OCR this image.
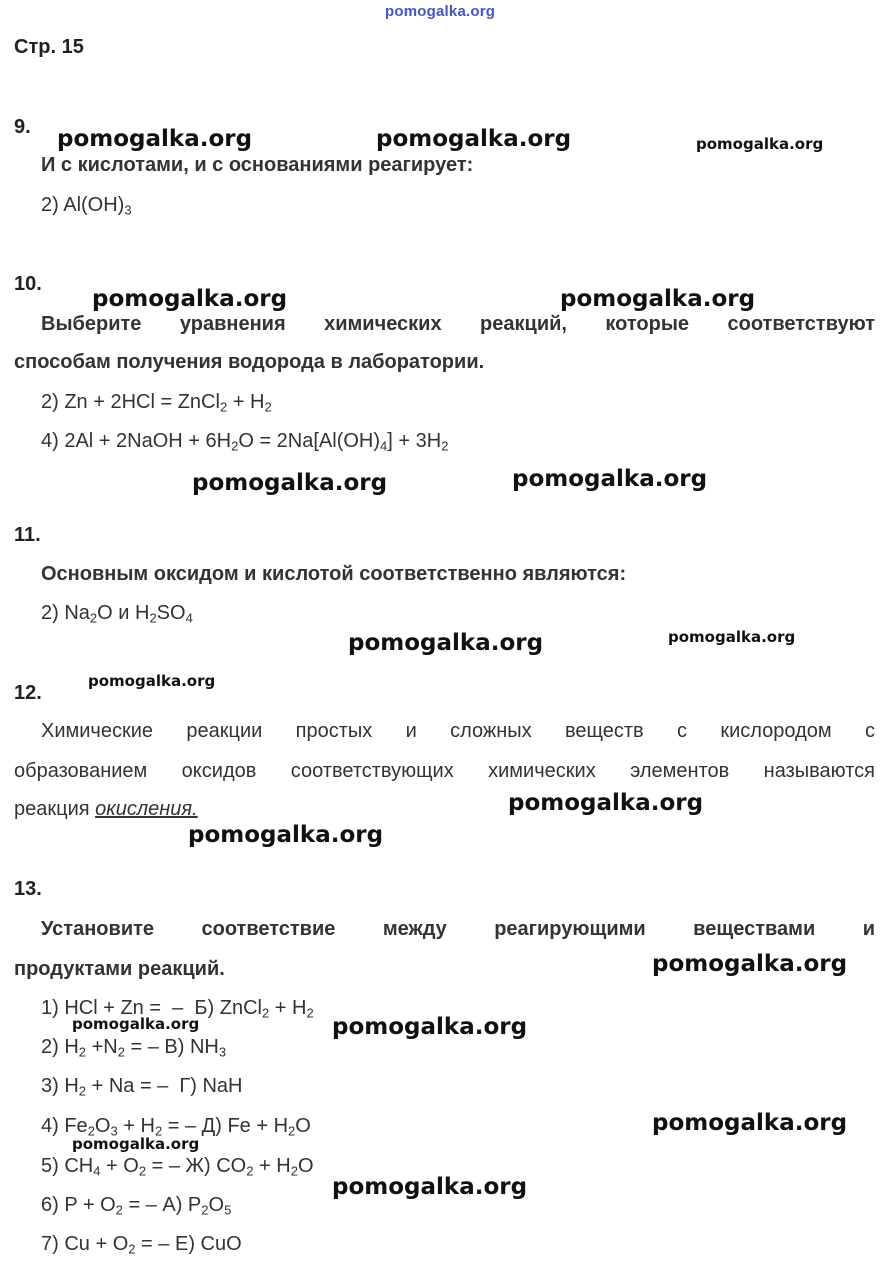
pomogalka.org
Стр. 15
9.
И с кислотами, и с основаниями реагирует:
2) $Al(OH)_3$
10.
Выберите уравнения химических реакций, которые соответствуют
способам получения водорода в лаборатории.
2) Zn + 2HCl = ZnCl$_2$ + $H_2$
4) 2Al + 2NaOH + $6H_2O = 2Na[Al(OH)_4] + 3H_2$
11.
Основным оксидом и кислотой соответственно являются:
2) $Na_2O$ и $H_2SO_4$
12.
Химические реакции простых и сложных веществ с кислородом с
образованием оксидов соответствующих химических элементов называются
реакция окисления.
13.
Установите соответствие между реагирующими веществами и
продуктами реакций.
1) HCl + Zn =  –  Б) ZnCl$_2$ + $H_2$
2) $H_2 +N_2$ = – В) $NH_3$
3) $H_2 + Na$ = –  Г) NaH
4) $Fe_2O_3 + H_2$ = – Д) $Fe + H_2O$
5) $CH_4 + O_2$ = – Ж) $CO_2 + H_2O$
6) $P + O_2$ = – А) $P_2O_5$
7) $Cu + O_2$ = – Е) CuO
pomogalka.org	pomogalka.org	pomogalka.org
pomogalka.org	pomogalka.org
pomogalka.org	pomogalka.org
pomogalka.org	pomogalka.org
pomogalka.org
pomogalka.org
pomogalka.org
pomogalka.org
pomogalka.org	pomogalka.org
pomogalka.org
pomogalka.org
pomogalka.org
